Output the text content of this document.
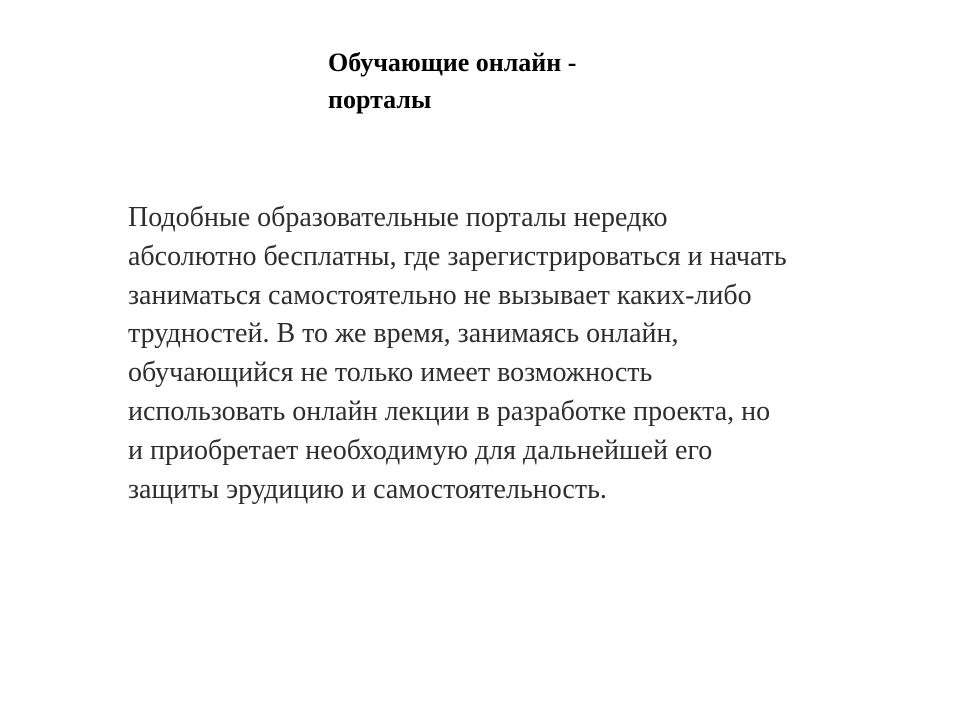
Обучающие онлайн -
порталы

Подобные образовательные порталы нередко
абсолютно бесплатны, где зарегистрироваться и начать
заниматься самостоятельно не вызывает каких-либо
трудностей. В то же время, занимаясь онлайн,
обучающийся не только имеет возможность
использовать онлайн лекции в разработке проекта, но
и приобретает необходимую для дальнейшей его
защиты эрудицию и самостоятельность.
